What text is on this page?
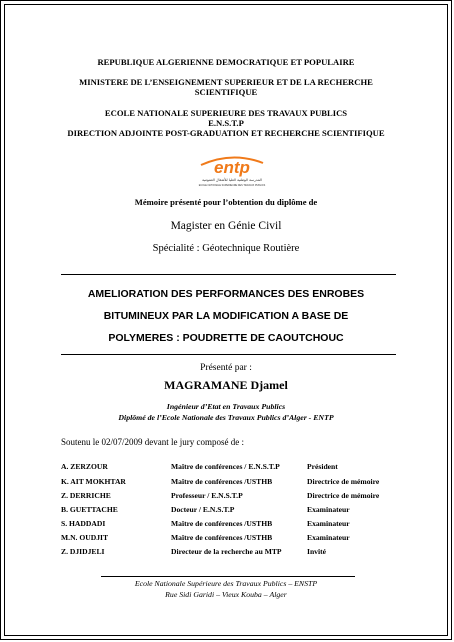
REPUBLIQUE ALGERIENNE DEMOCRATIQUE ET POPULAIRE
MINISTERE DE L’ENSEIGNEMENT SUPERIEUR ET DE LA RECHERCHE
SCIENTIFIQUE
ECOLE NATIONALE SUPERIEURE DES TRAVAUX PUBLICS
E.N.S.T.P
DIRECTION ADJOINTE POST-GRADUATION ET RECHERCHE SCIENTIFIQUE
entp
المدرسة الوطنية العليا للأشغال العمومية
ECOLE NATIONALE SUPERIEURE DES TRAVAUX PUBLICS
Mémoire présenté pour l’obtention du diplôme de
Magister en Génie Civil
Spécialité : Géotechnique Routière
AMELIORATION DES PERFORMANCES DES ENROBES
BITUMINEUX PAR LA MODIFICATION A BASE DE
POLYMERES : POUDRETTE DE CAOUTCHOUC
Présenté par :
MAGRAMANE Djamel
Ingénieur d’Etat en Travaux Publics
Diplômé de l’Ecole Nationale des Travaux Publics d’Alger - ENTP
Soutenu le 02/07/2009 devant le jury composé de :
A. ZERZOUR	Maître de conférences / E.N.S.T.P	Président
K. AIT MOKHTAR	Maître de conférences /USTHB	Directrice de mémoire
Z. DERRICHE	Professeur / E.N.S.T.P	Directrice de mémoire
B. GUETTACHE	Docteur / E.N.S.T.P	Examinateur
S. HADDADI	Maître de conférences /USTHB	Examinateur
M.N. OUDJIT	Maître de conférences /USTHB	Examinateur
Z. DJIDJELI	Directeur de la recherche au MTP	Invité
Ecole Nationale Supérieure des Travaux Publics – ENSTP
Rue Sidi Garidi – Vieux Kouba – Alger
